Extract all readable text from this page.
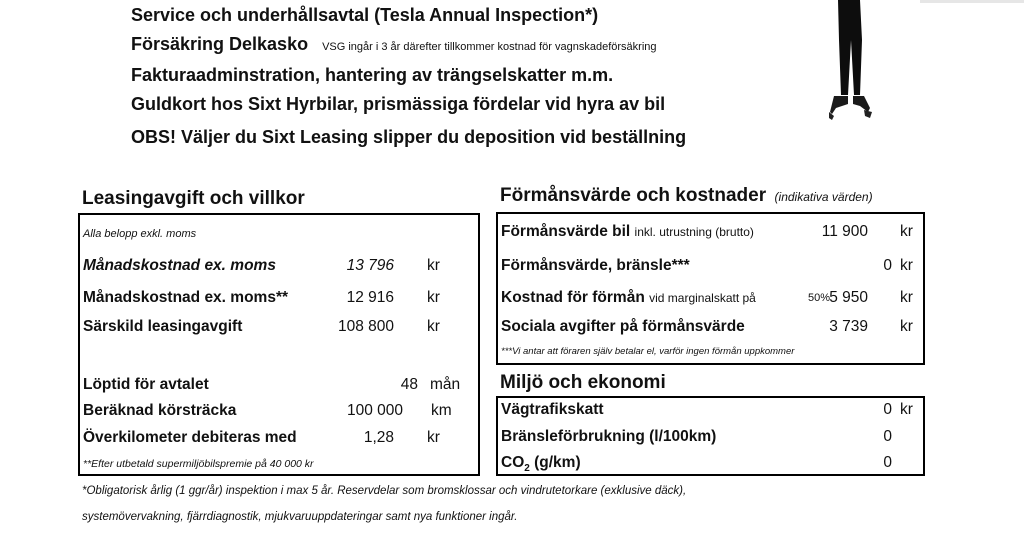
Service och underhållsavtal (Tesla Annual Inspection*)
Försäkring Delkasko VSG ingår i 3 år därefter tillkommer kostnad för vagnskadeförsäkring
Fakturaadminstration, hantering av trängselskatter m.m.
Guldkort hos Sixt Hyrbilar, prismässiga fördelar vid hyra av bil
OBS! Väljer du Sixt Leasing slipper du deposition vid beställning
Leasingavgift och villkor
Alla belopp exkl. moms
Månadskostnad ex. moms	13 796 kr
Månadskostnad ex. moms**	12 916 kr
Särskild leasingavgift	108 800 kr
Löptid för avtalet	48 mån
Beräknad körsträcka	100 000 km
Överkilometer debiteras med	1,28 kr
**Efter utbetald supermiljöbilspremie på 40 000 kr
Förmånsvärde och kostnader (indikativa värden)
Förmånsvärde bil inkl. utrustning (brutto)	11 900 kr
Förmånsvärde, bränsle***	0 kr
Kostnad för förmån vid marginalskatt på	50% 5 950 kr
Sociala avgifter på förmånsvärde	3 739 kr
***Vi antar att föraren själv betalar el, varför ingen förmån uppkommer
Miljö och ekonomi
Vägtrafikskatt	0 kr
Bränsleförbrukning (l/100km)	0
$CO_2$ (g/km)	0
*Obligatorisk årlig (1 ggr/år) inspektion i max 5 år. Reservdelar som bromsklossar och vindrutetorkare (exklusive däck),
systemövervakning, fjärrdiagnostik, mjukvaruuppdateringar samt nya funktioner ingår.
